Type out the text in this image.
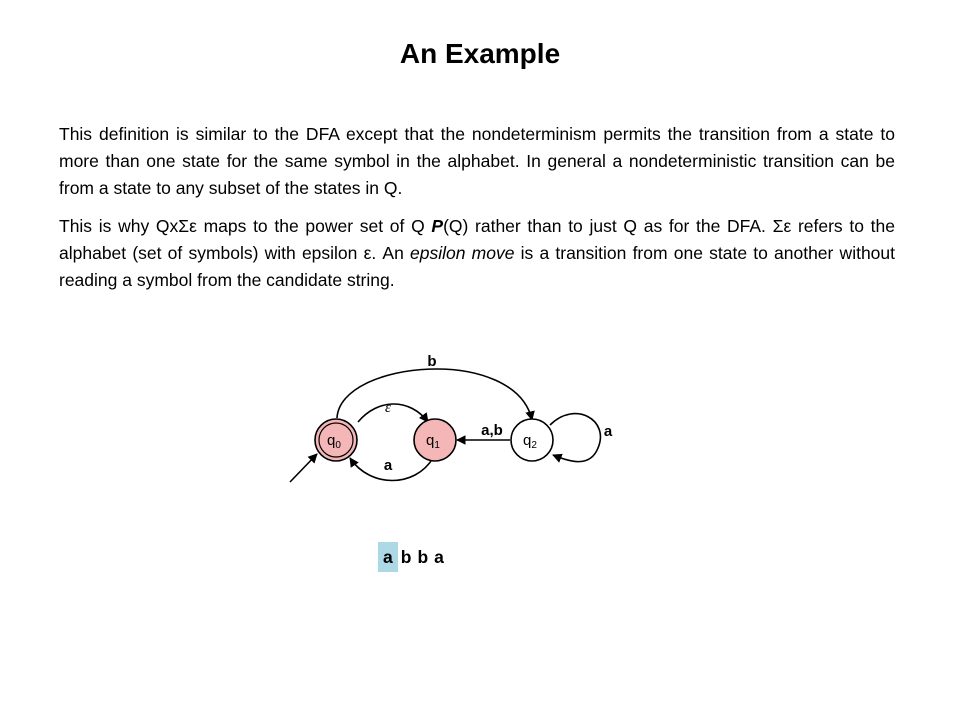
An Example
This definition is similar to the DFA except that the nondeterminism permits the transition from a state to more than one state for the same symbol in the alphabet. In general a nondeterministic transition can be from a state to any subset of the states in Q.
This is why QxΣε maps to the power set of Q P(Q) rather than to just Q as for the DFA. Σε refers to the alphabet (set of symbols) with epsilon ε. An epsilon move is a transition from one state to another without reading a symbol from the candidate string.
b
ε
a
a,b	a
$q_0$	$q_1$	$q_2$
a b b a
